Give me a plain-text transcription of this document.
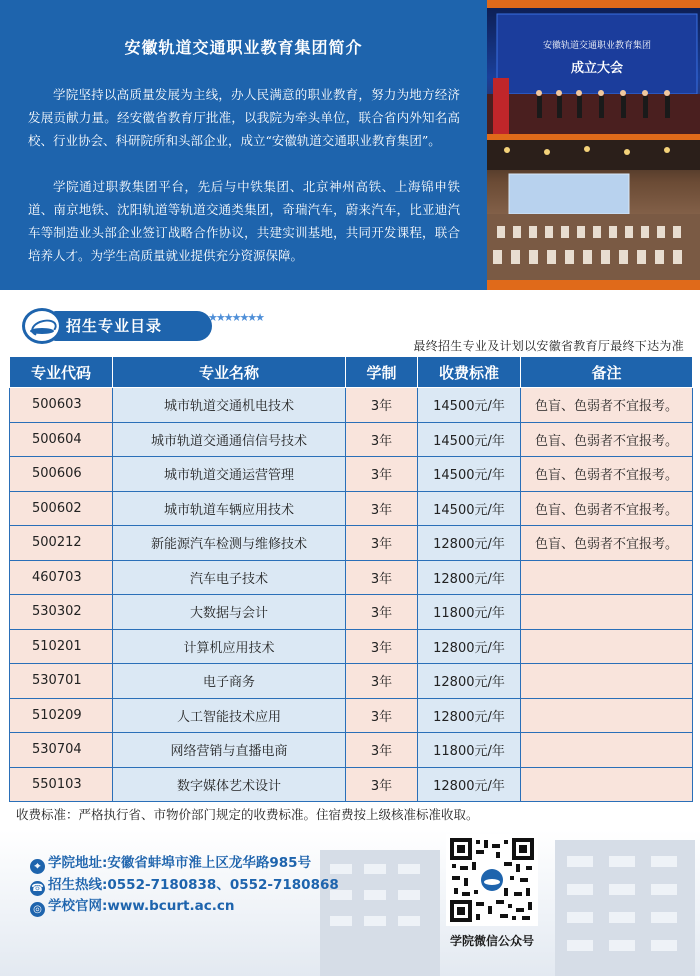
安徽轨道交通职业教育集团简介

学院坚持以高质量发展为主线，办人民满意的职业教育，努力为地方经济发展贡献力量。经安徽省教育厅批准，以我院为牵头单位，联合省内外知名高校、行业协会、科研院所和头部企业，成立“安徽轨道交通职业教育集团”。

学院通过职教集团平台，先后与中铁集团、北京神州高铁、上海锦申铁道、南京地铁、沈阳轨道等轨道交通类集团，奇瑞汽车，蔚来汽车，比亚迪汽车等制造业头部企业签订战略合作协议，共建实训基地，共同开发课程，联合培养人才。为学生高质量就业提供充分资源保障。

安徽轨道交通职业教育集团
成立大会
招生专业目录	★★★★★★★
最终招生专业及计划以安徽省教育厅最终下达为准
专业代码	专业名称	学制	收费标准	备注
500603	城市轨道交通机电技术	3年	14500元/年	色盲、色弱者不宜报考。
500604	城市轨道交通通信信号技术	3年	14500元/年	色盲、色弱者不宜报考。
500606	城市轨道交通运营管理	3年	14500元/年	色盲、色弱者不宜报考。
500602	城市轨道车辆应用技术	3年	14500元/年	色盲、色弱者不宜报考。
500212	新能源汽车检测与维修技术	3年	12800元/年	色盲、色弱者不宜报考。
460703	汽车电子技术	3年	12800元/年	
530302	大数据与会计	3年	11800元/年	
510201	计算机应用技术	3年	12800元/年	
530701	电子商务	3年	12800元/年	
510209	人工智能技术应用	3年	12800元/年	
530704	网络营销与直播电商	3年	11800元/年	
550103	数字媒体艺术设计	3年	12800元/年	
收费标准：严格执行省、市物价部门规定的收费标准。住宿费按上级核准标准收取。
⌖ 学院地址:安徽省蚌埠市淮上区龙华路985号
☎ 招生热线:0552-7180838、0552-7180868
◎ 学校官网:www.bcurt.ac.cn
学院微信公众号
